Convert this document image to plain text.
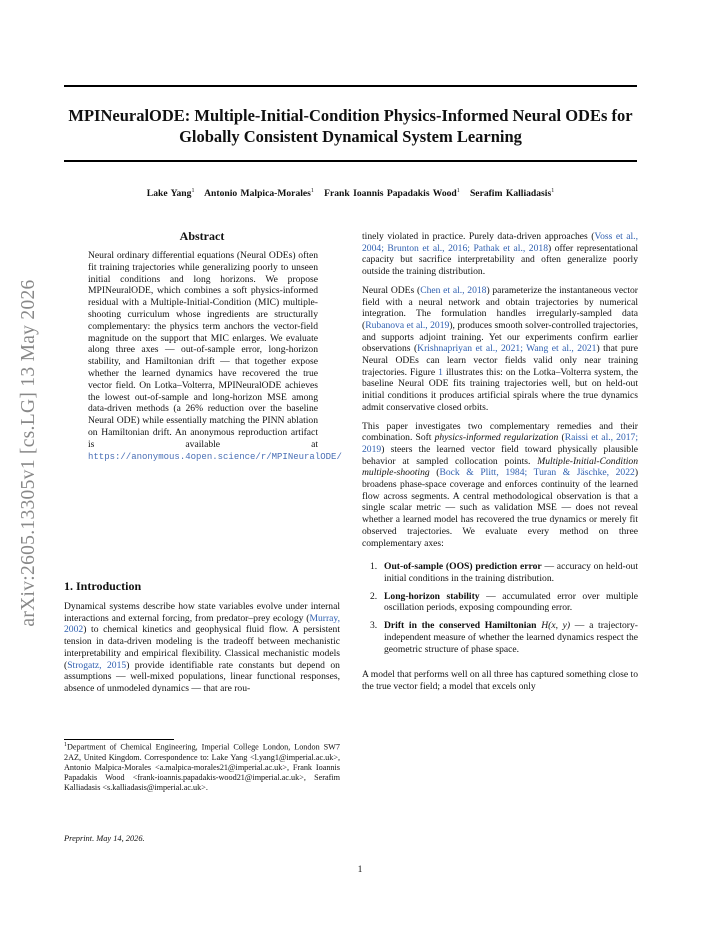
MPINeuralODE: Multiple-Initial-Condition Physics-Informed Neural ODEs for Globally Consistent Dynamical System Learning
Lake Yang$^1$ Antonio Malpica-Morales$^1$ Frank Ioannis Papadakis Wood$^1$ Serafim Kalliadasis$^1$
arXiv:2605.13305v1 [cs.LG] 13 May 2026
Abstract
Neural ordinary differential equations (Neural ODEs) often fit training trajectories while generalizing poorly to unseen initial conditions and long horizons. We propose MPINeuralODE, which combines a soft physics-informed residual with a Multiple-Initial-Condition (MIC) multiple-shooting curriculum whose ingredients are structurally complementary: the physics term anchors the vector-field magnitude on the support that MIC enlarges. We evaluate along three axes — out-of-sample error, long-horizon stability, and Hamiltonian drift — that together expose whether the learned dynamics have recovered the true vector field. On Lotka–Volterra, MPINeuralODE achieves the lowest out-of-sample and long-horizon MSE among data-driven methods (a 26% reduction over the baseline Neural ODE) while essentially matching the PINN ablation on Hamiltonian drift. An anonymous reproduction artifact is available at https://anonymous.4open.science/r/MPINeuralODE/
1. Introduction

Dynamical systems describe how state variables evolve under internal interactions and external forcing, from predator–prey ecology (Murray, 2002) to chemical kinetics and geophysical fluid flow. A persistent tension in data-driven modeling is the tradeoff between mechanistic interpretability and empirical flexibility. Classical mechanistic models (Strogatz, 2015) provide identifiable rate constants but depend on assumptions — well-mixed populations, linear functional responses, absence of unmodeled dynamics — that are rou-

$^1$Department of Chemical Engineering, Imperial College London, London SW7 2AZ, United Kingdom. Correspondence to: Lake Yang <l.yang1@imperial.ac.uk>, Antonio Malpica-Morales <a.malpica-morales21@imperial.ac.uk>, Frank Ioannis Papadakis Wood <frank-ioannis.papadakis-wood21@imperial.ac.uk>, Serafim Kalliadasis <s.kalliadasis@imperial.ac.uk>.
Preprint. May 14, 2026.

tinely violated in practice. Purely data-driven approaches (Voss et al., 2004; Brunton et al., 2016; Pathak et al., 2018) offer representational capacity but sacrifice interpretability and often generalize poorly outside the training distribution.

Neural ODEs (Chen et al., 2018) parameterize the instantaneous vector field with a neural network and obtain trajectories by numerical integration. The formulation handles irregularly-sampled data (Rubanova et al., 2019), produces smooth solver-controlled trajectories, and supports adjoint training. Yet our experiments confirm earlier observations (Krishnapriyan et al., 2021; Wang et al., 2021) that pure Neural ODEs can learn vector fields valid only near training trajectories. Figure 1 illustrates this: on the Lotka–Volterra system, the baseline Neural ODE fits training trajectories well, but on held-out initial conditions it produces artificial spirals where the true dynamics admit conservative closed orbits.

This paper investigates two complementary remedies and their combination. Soft physics-informed regularization (Raissi et al., 2017; 2019) steers the learned vector field toward physically plausible behavior at sampled collocation points. Multiple-Initial-Condition multiple-shooting (Bock & Plitt, 1984; Turan & Jäschke, 2022) broadens phase-space coverage and enforces continuity of the learned flow across segments. A central methodological observation is that a single scalar metric — such as validation MSE — does not reveal whether a learned model has recovered the true dynamics or merely fit observed trajectories. We evaluate every method on three complementary axes:

1. Out-of-sample (OOS) prediction error — accuracy on held-out initial conditions in the training distribution.
2. Long-horizon stability — accumulated error over multiple oscillation periods, exposing compounding error.
3. Drift in the conserved Hamiltonian H(x, y) — a trajectory-independent measure of whether the learned dynamics respect the geometric structure of phase space.

A model that performs well on all three has captured something close to the true vector field; a model that excels only

1
